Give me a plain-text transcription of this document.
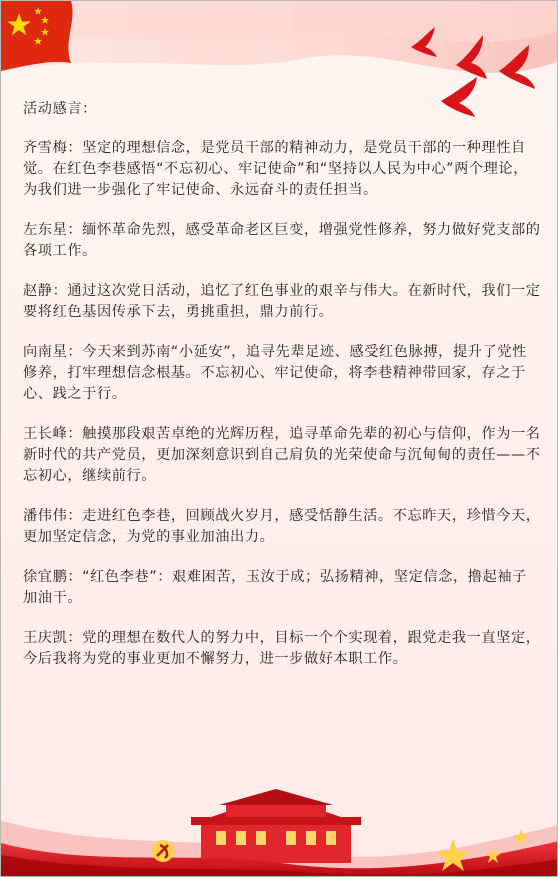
活动感言：

齐雪梅：坚定的理想信念，是党员干部的精神动力，是党员干部的一种理性自觉。在红色李巷感悟“不忘初心、牢记使命”和“坚持以人民为中心”两个理论，为我们进一步强化了牢记使命、永远奋斗的责任担当。

左东星：缅怀革命先烈，感受革命老区巨变，增强党性修养，努力做好党支部的各项工作。

赵静：通过这次党日活动，追忆了红色事业的艰辛与伟大。在新时代，我们一定要将红色基因传承下去，勇挑重担，鼎力前行。

向南星：今天来到苏南“小延安”，追寻先辈足迹、感受红色脉搏，提升了党性修养，打牢理想信念根基。不忘初心、牢记使命，将李巷精神带回家，存之于心、践之于行。

王长峰：触摸那段艰苦卓绝的光辉历程，追寻革命先辈的初心与信仰，作为一名新时代的共产党员，更加深刻意识到自己肩负的光荣使命与沉甸甸的责任——不忘初心，继续前行。

潘伟伟：走进红色李巷，回顾战火岁月，感受恬静生活。不忘昨天，珍惜今天，更加坚定信念，为党的事业加油出力。

徐宜鹏：“红色李巷”：艰难困苦，玉汝于成；弘扬精神，坚定信念，撸起袖子加油干。

王庆凯：党的理想在数代人的努力中，目标一个个实现着，跟党走我一直坚定，今后我将为党的事业更加不懈努力，进一步做好本职工作。
